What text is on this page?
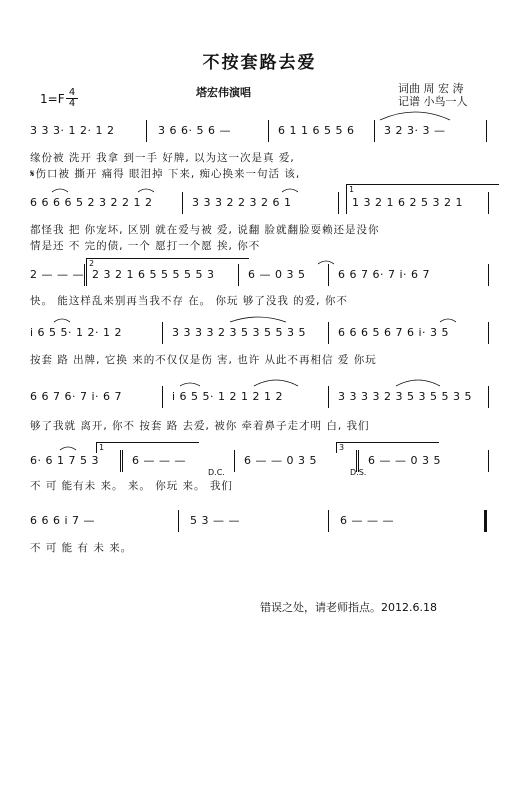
不按套路去爱
塔宏伟演唱	词曲 周 宏 涛
记谱 小鸟一人
1=F 4
4
3 3 3· 1 2· 1 2	3 6 6· 5 6 —	6 1 1 6 5 5 6	3 2 3· 3 —
缘份被 洗开 我拿 到一手 好牌, 以为这一次是真 爱,
𝄋伤口被 撕开 痛得 眼泪掉 下来, 痴心换来一句活 该,
1
6 6 6 6 5 2 3 2 2 1 2	3 3 3 2 2 3 2 6 1	1 3 2 1 6 2 5 3 2 1
都怪我 把 你宠坏, 区别 就在爱与被 爱, 说翻 脸就翻脸耍赖还是没你
情是还 不 完的债, 一个 愿打一个愿 挨, 你不
2
2 — — — 2 3 2 1 6 5 5 5 5 5 3	6 — 0 3 5	6 6 7 6· 7 i· 6 7
快。 能这样乱来别再当我不存 在。 你玩 够了没我 的爱, 你不
i 6 5 5· 1 2· 1 2	3 3 3 3 2 3 5 3 5 5 3 5	6 6 6 5 6 7 6 i· 3 5
按套 路 出牌, 它换 来的不仅仅是伤 害, 也许 从此不再相信 爱 你玩
6 6 7 6· 7 i· 6 7	i 6 5 5· 1 2 1 2 1 2	3 3 3 3 2 3 5 3 5 5 3 5
够了我就 离开, 你不 按套 路 去爱, 被你 牵着鼻子走才明 白, 我们
1	3
6· 6 1 7 5 3	6 — — —	6 — — 0 3 5	6 — — 0 3 5
D.C.	D.S.
不 可 能有未 来。 来。 你玩 来。 我们
6 6 6 i 7 —	5 3 — —	6 — — —
不 可 能 有 未 来。
错误之处，请老师指点。2012.6.18
